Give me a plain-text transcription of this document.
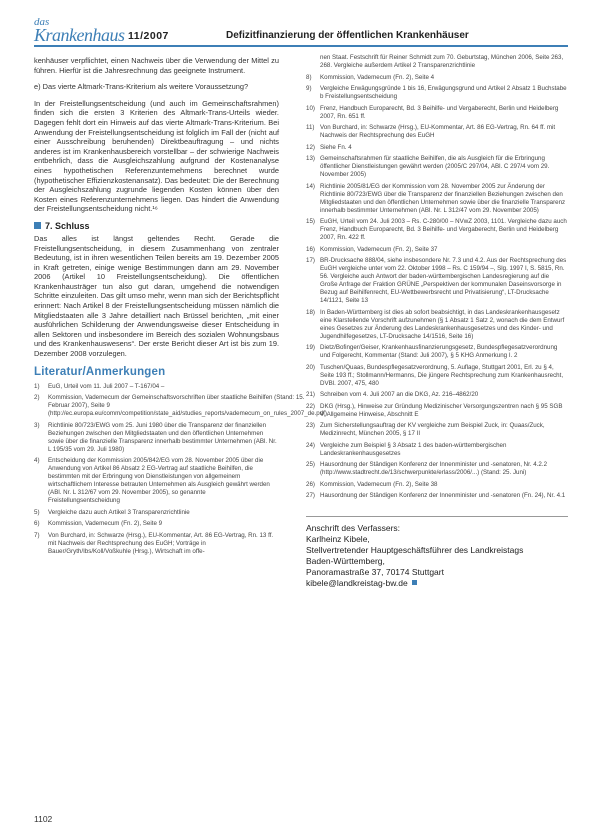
das
Krankenhaus 11/2007	Defizitfinanzierung der öffentlichen Krankenhäuser

kenhäuser verpflichtet, einen Nachweis über die Verwendung der Mittel zu führen. Hierfür ist die Jahresrechnung das geeignete Instrument.

e) Das vierte Altmark-Trans-Kriterium als weitere Voraussetzung?

In der Freistellungsentscheidung (und auch im Gemeinschaftsrahmen) finden sich die ersten 3 Kriterien des Altmark-Trans-Urteils wieder. Dagegen fehlt dort ein Hinweis auf das vierte Altmark-Trans-Kriterium. Bei Anwendung der Freistellungsentscheidung ist folglich im Fall der (nicht auf einer Ausschreibung beruhenden) Direktbeauftragung – und nichts anderes ist im Krankenhausbereich vorstellbar – der schwierige Nachweis entbehrlich, dass die Ausgleichszahlung aufgrund der Kostenanalyse eines hypothetischen Referenzunternehmens berechnet wurde (hypothetischer Effizienzkostenansatz). Das bedeutet: Die der Berechnung der Ausgleichszahlung zugrunde liegenden Kosten können über den Kosten eines Referenzunternehmens liegen. Das hindert die Anwendung der Freistellungsentscheidung nicht.¹⁶

7. Schluss

Das alles ist längst geltendes Recht. Gerade die Freistellungsentscheidung, in diesem Zusammenhang von zentraler Bedeutung, ist in ihren wesentlichen Teilen bereits am 19. Dezember 2005 in Kraft getreten, einige wenige Bestimmungen dann am 29. November 2006 (Artikel 10 Freistellungsentscheidung). Die öffentlichen Krankenhausträger tun also gut daran, umgehend die notwendigen Schritte einzuleiten. Das gilt umso mehr, wenn man sich der Berichtspflicht erinnert: Nach Artikel 8 der Freistellungsentscheidung müssen nämlich die Mitgliedstaaten alle 3 Jahre detailliert nach Brüssel berichten, „mit einer ausführlichen Schilderung der Anwendungsweise dieser Entscheidung in allen Sektoren und insbesondere im Bereich des sozialen Wohnungsbaus und des Krankenhauswesens“. Der erste Bericht dieser Art ist bis zum 19. Dezember 2008 vorzulegen.

Literatur/Anmerkungen
1)	EuG, Urteil vom 11. Juli 2007 – T-167/04 –
2)	Kommission, Vademecum der Gemeinschaftsvorschriften über staatliche Beihilfen (Stand: 15. Februar 2007), Seite 9 (http://ec.europa.eu/comm/competition/state_aid/studies_reports/vademecum_on_rules_2007_de.pdf)
3)	Richtlinie 80/723/EWG vom 25. Juni 1980 über die Transparenz der finanziellen Beziehungen zwischen den Mitgliedstaaten und den öffentlichen Unternehmen sowie über die finanzielle Transparenz innerhalb bestimmter Unternehmen (ABl. Nr. L 195/35 vom 29. Juli 1980)
4)	Entscheidung der Kommission 2005/842/EG vom 28. November 2005 über die Anwendung von Artikel 86 Absatz 2 EG-Vertrag auf staatliche Beihilfen, die bestimmten mit der Erbringung von Dienstleistungen von allgemeinem wirtschaftlichem Interesse betrauten Unternehmen als Ausgleich gewährt werden (ABl. Nr. L 312/67 vom 29. November 2005), so genannte Freistellungsentscheidung
5)	Vergleiche dazu auch Artikel 3 Transparenzrichtlinie
6)	Kommission, Vademecum (Fn. 2), Seite 9
7)	Von Burchard, in: Schwarze (Hrsg.), EU-Kommentar, Art. 86 EG-Vertrag, Rn. 13 ff. mit Nachweis der Rechtsprechung des EuGH; Vorträge in Bauer/Gryth/Ibs/Koll/Voßkuhle (Hrsg.), Wirtschaft im offe-
nen Staat. Festschrift für Reiner Schmidt zum 70. Geburtstag, München 2006, Seite 263, 268. Vergleiche außerdem Artikel 2 Transparenzrichtlinie
8)	Kommission, Vademecum (Fn. 2), Seite 4
9)	Vergleiche Erwägungsgründe 1 bis 16, Erwägungsgrund und Artikel 2 Absatz 1 Buchstabe b Freistellungsentscheidung
10) Frenz, Handbuch Europarecht, Bd. 3 Beihilfe- und Vergaberecht, Berlin und Heidelberg 2007, Rn. 651 ff.
11) Von Burchard, in: Schwarze (Hrsg.), EU-Kommentar, Art. 86 EG-Vertrag, Rn. 64 ff. mit Nachweis der Rechtsprechung des EuGH
12) Siehe Fn. 4
13) Gemeinschaftsrahmen für staatliche Beihilfen, die als Ausgleich für die Erbringung öffentlicher Dienstleistungen gewährt werden (2005/C 297/04, ABl. C 297/4 vom 29. November 2005)
14) Richtlinie 2005/81/EG der Kommission vom 28. November 2005 zur Änderung der Richtlinie 80/723/EWG über die Transparenz der finanziellen Beziehungen zwischen den Mitgliedstaaten und den öffentlichen Unternehmen sowie über die finanzielle Transparenz innerhalb bestimmter Unternehmen (ABl. Nr. L 312/47 vom 29. November 2005)
15) EuGH, Urteil vom 24. Juli 2003 – Rs. C-280/00 – NVwZ 2003, 1101. Vergleiche dazu auch Frenz, Handbuch Europarecht, Bd. 3 Beihilfe- und Vergaberecht, Berlin und Heidelberg 2007, Rn. 422 ff.
16) Kommission, Vademecum (Fn. 2), Seite 37
17) BR-Drucksache 888/04, siehe insbesondere Nr. 7.3 und 4.2. Aus der Rechtsprechung des EuGH vergleiche unter vom 22. Oktober 1998 – Rs. C 159/94 –, Slg. 1997 I, S. 5815, Rn. 56. Vergleiche auch Antwort der baden-württembergischen Landesregierung auf die Große Anfrage der Fraktion GRÜNE „Perspektiven der kommunalen Daseinsvorsorge in Bezug auf Beihilfenrecht, EU-Wettbewerbsrecht und Privatisierung“, LT-Drucksache 14/1121, Seite 13
18) In Baden-Württemberg ist dies ab sofort beabsichtigt, in das Landeskrankenhausgesetz eine Klarstellende Vorschrift aufzunehmen (§ 1 Absatz 1 Satz 2, wonach die dem Entwurf eines Gesetzes zur Änderung des Landeskrankenhausgesetzes und des Kinder- und Jugendhilfegesetzes, LT-Drucksache 14/1516, Seite 16)
19) Dietz/Bofinger/Geiser, Krankenhausfinanzierungsgesetz, Bundespflegesatzverordnung und Folgerecht, Kommentar (Stand: Juli 2007), § 5 KHG Anmerkung I. 2
20) Tuschen/Quaas, Bundespflegesatzverordnung, 5. Auflage, Stuttgart 2001, Erl. zu § 4, Seite 193 ff.; Stollmann/Hermanns, Die jüngere Rechtsprechung zum Krankenhausrecht, DVBl. 2007, 475, 480
21) Schreiben vom 4. Juli 2007 an die DKG, Az. 216–4862/20
22) DKG (Hrsg.), Hinweise zur Gründung Medizinischer Versorgungszentren nach § 95 SGB V, Allgemeine Hinweise, Abschnitt E
23) Zum Sicherstellungsauftrag der KV vergleiche zum Beispiel Zuck, in: Quaas/Zuck, Medizinrecht, München 2005, § 17 II
24) Vergleiche zum Beispiel § 3 Absatz 1 des baden-württembergischen Landeskrankenhausgesetzes
25) Hausordnung der Ständigen Konferenz der Innenminister und -senatoren, Nr. 4.2.2 (http://www.stadtrecht.de/13/schwerpunkte/erlass/2006/...) (Stand: 25. Juni)
26) Kommission, Vademecum (Fn. 2), Seite 38
27) Hausordnung der Ständigen Konferenz der Innenminister und -senatoren (Fn. 24), Nr. 4.1
Anschrift des Verfassers:
Karlheinz Kibele,
Stellvertretender Hauptgeschäftsführer des Landkreistags
Baden-Württemberg,
Panoramastraße 37, 70174 Stuttgart
kibele@landkreistag-bw.de
1102
